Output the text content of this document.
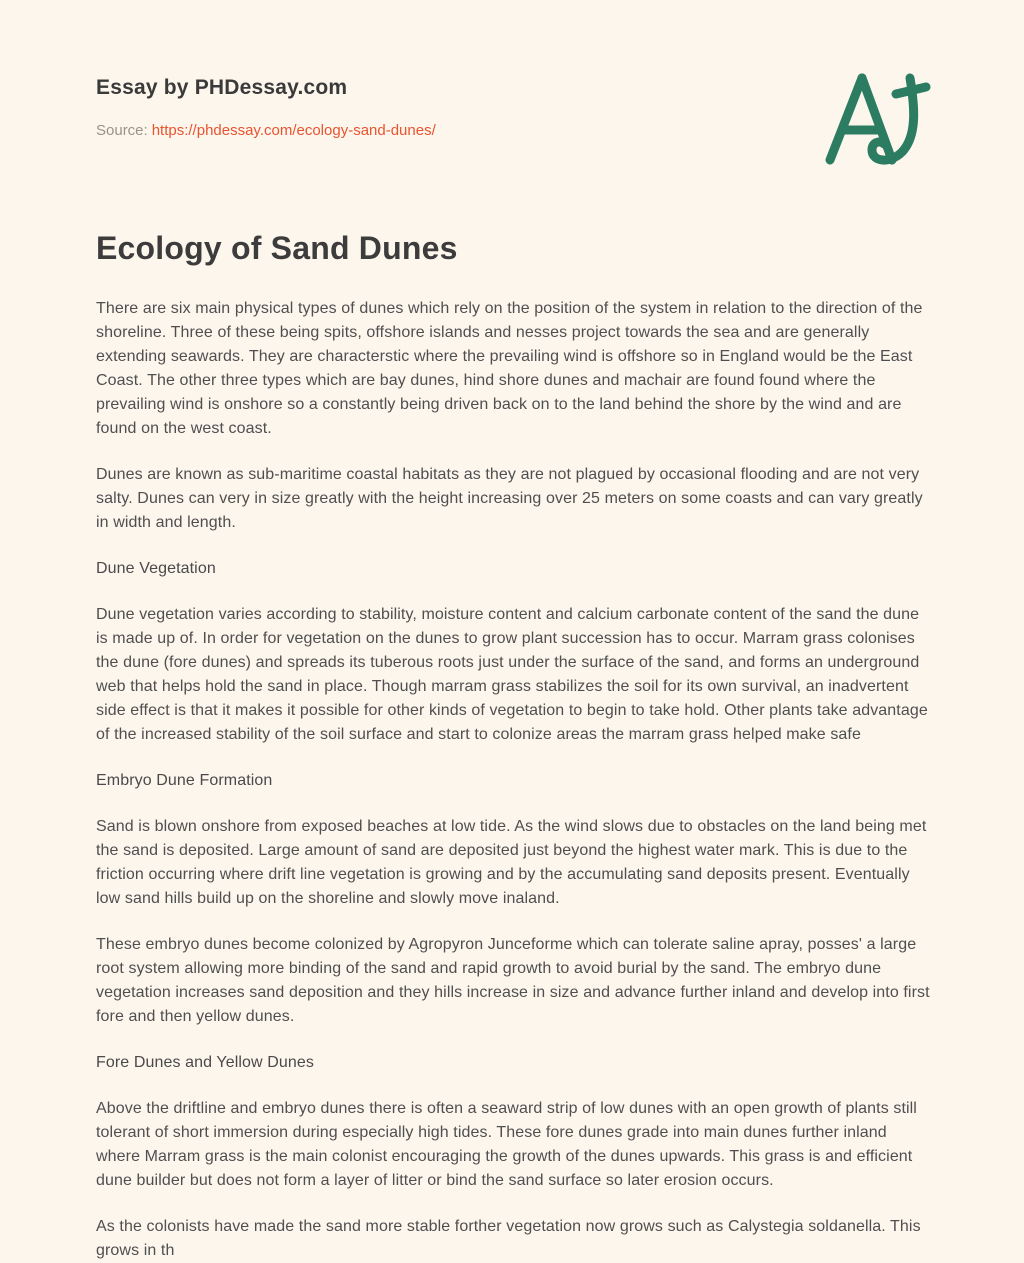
Essay by PHDessay.com
Source: https://phdessay.com/ecology-sand-dunes/
Ecology of Sand Dunes

There are six main physical types of dunes which rely on the position of the system in relation to the direction of the shoreline. Three of these being spits, offshore islands and nesses project towards the sea and are generally extending seawards. They are characterstic where the prevailing wind is offshore so in England would be the East Coast. The other three types which are bay dunes, hind shore dunes and machair are found found where the prevailing wind is onshore so a constantly being driven back on to the land behind the shore by the wind and are found on the west coast.

Dunes are known as sub-maritime coastal habitats as they are not plagued by occasional flooding and are not very salty. Dunes can very in size greatly with the height increasing over 25 meters on some coasts and can vary greatly in width and length.

Dune Vegetation

Dune vegetation varies according to stability, moisture content and calcium carbonate content of the sand the dune is made up of. In order for vegetation on the dunes to grow plant succession has to occur. Marram grass colonises the dune (fore dunes) and spreads its tuberous roots just under the surface of the sand, and forms an underground web that helps hold the sand in place. Though marram grass stabilizes the soil for its own survival, an inadvertent side effect is that it makes it possible for other kinds of vegetation to begin to take hold. Other plants take advantage of the increased stability of the soil surface and start to colonize areas the marram grass helped make safe

Embryo Dune Formation

Sand is blown onshore from exposed beaches at low tide. As the wind slows due to obstacles on the land being met the sand is deposited. Large amount of sand are deposited just beyond the highest water mark. This is due to the friction occurring where drift line vegetation is growing and by the accumulating sand deposits present. Eventually low sand hills build up on the shoreline and slowly move inaland.

These embryo dunes become colonized by Agropyron Junceforme which can tolerate saline apray, posses' a large root system allowing more binding of the sand and rapid growth to avoid burial by the sand. The embryo dune vegetation increases sand deposition and they hills increase in size and advance further inland and develop into first fore and then yellow dunes.

Fore Dunes and Yellow Dunes

Above the driftline and embryo dunes there is often a seaward strip of low dunes with an open growth of plants still tolerant of short immersion during especially high tides. These fore dunes grade into main dunes further inland where Marram grass is the main colonist encouraging the growth of the dunes upwards. This grass is and efficient dune builder but does not form a layer of litter or bind the sand surface so later erosion occurs.

As the colonists have made the sand more stable forther vegetation now grows such as Calystegia soldanella. This grows in th
